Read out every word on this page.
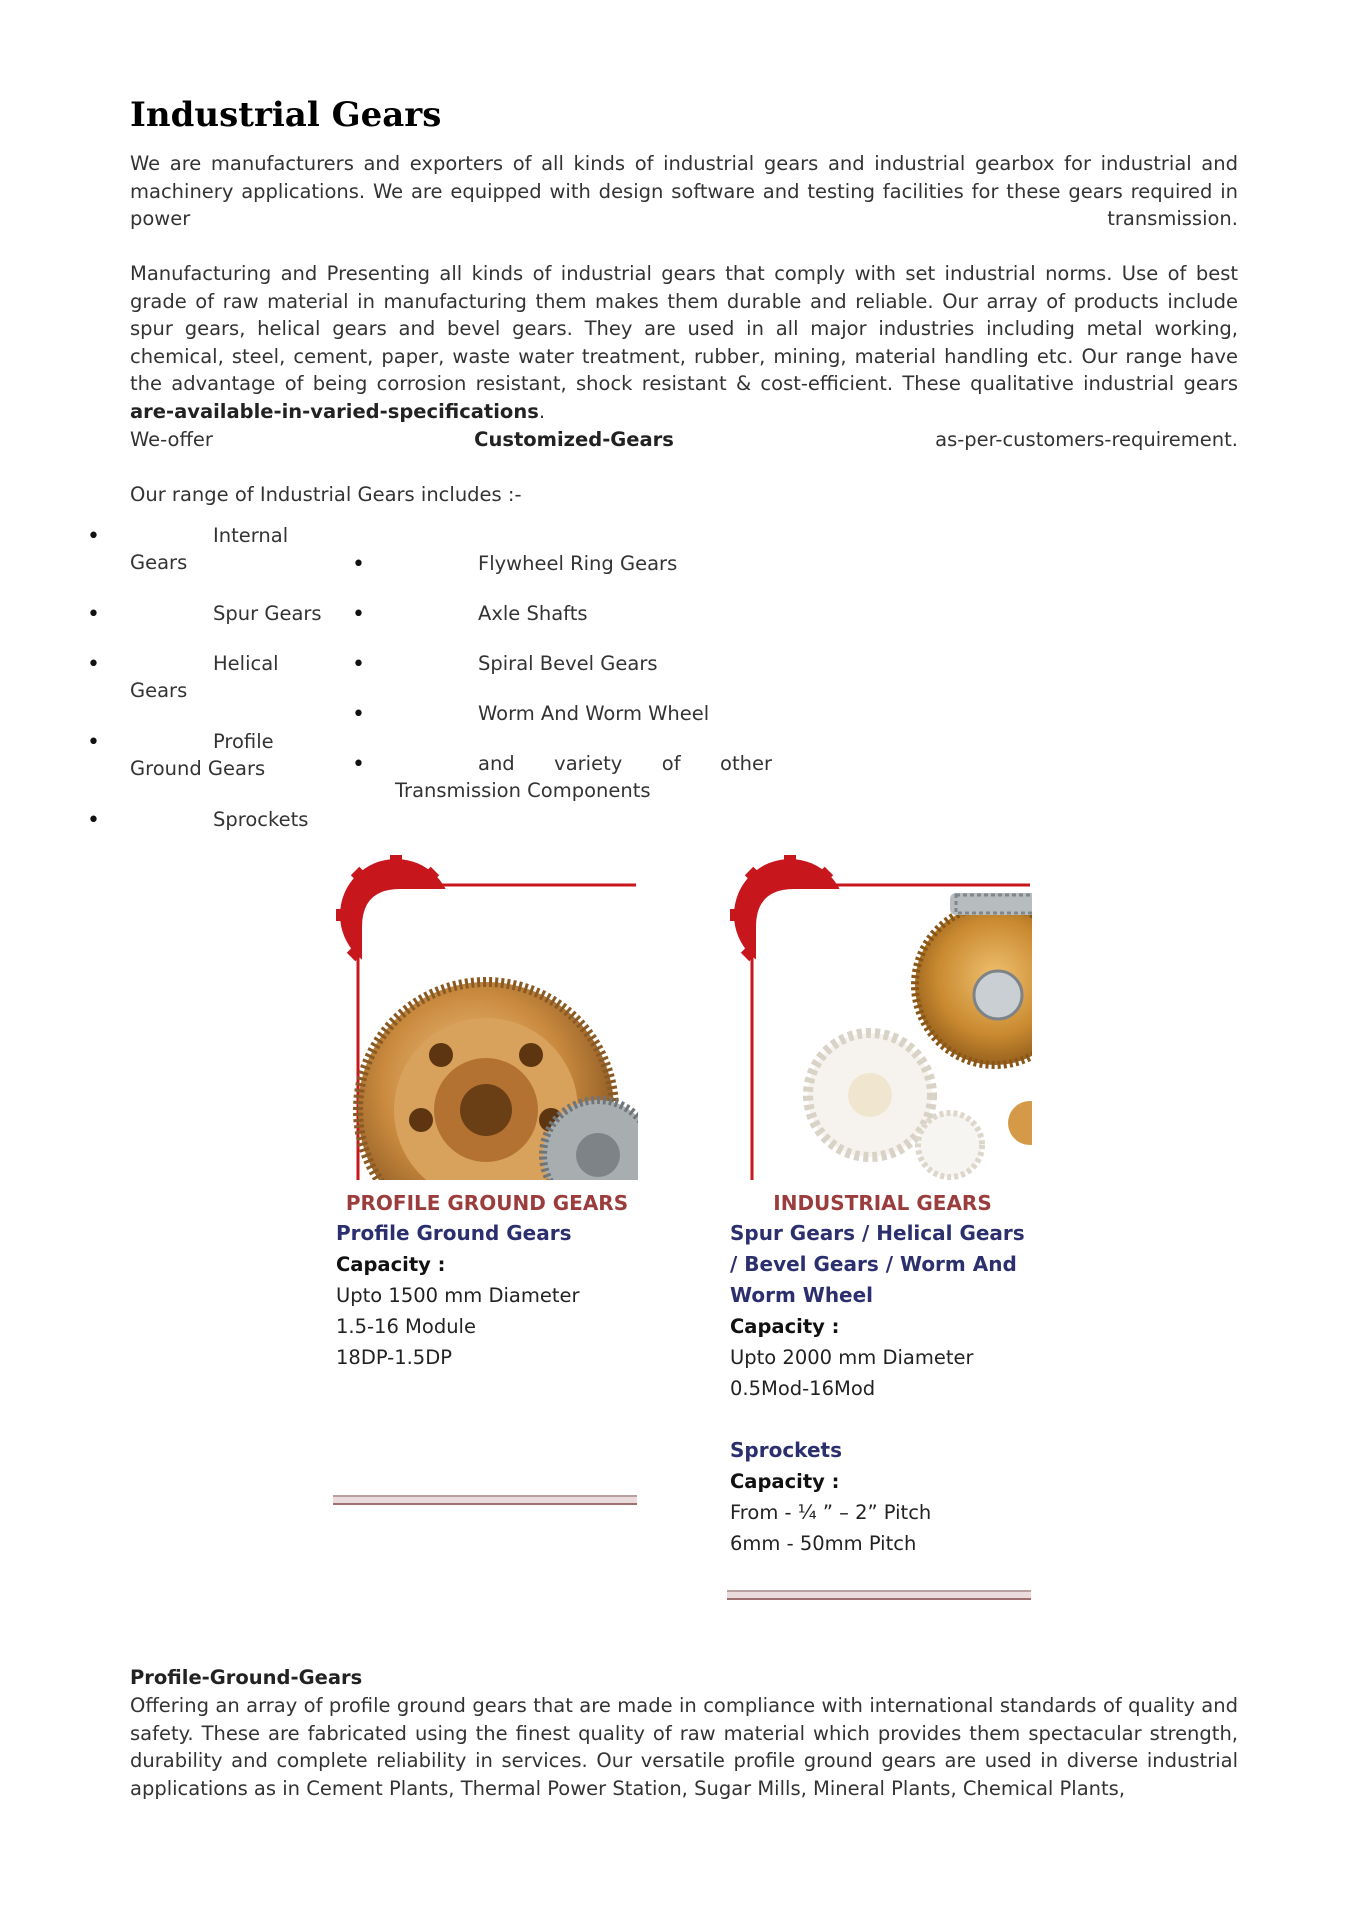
Industrial Gears
We are manufacturers and exporters of all kinds of industrial gears and industrial gearbox for industrial and
machinery applications. We are equipped with design software and testing facilities for these gears required in
power	transmission.
Manufacturing and Presenting all kinds of industrial gears that comply with set industrial norms. Use of best grade of raw material in manufacturing them makes them durable and reliable. Our array of products include spur gears, helical gears and bevel gears. They are used in all major industries including metal working, chemical, steel, cement, paper, waste water treatment, rubber, mining, material handling etc. Our range have the advantage of being corrosion resistant, shock resistant & cost-efficient. These qualitative industrial gears are-available-in-varied-specifications.
We-offer	Customized-Gears	as-per-customers-requirement.
Our range of Industrial Gears includes :-
•	Internal
Gears
•	Spur Gears
•	Helical
Gears
•	Profile
Ground Gears
•	Sprockets
•	Flywheel Ring Gears
•	Axle Shafts
•	Spiral Bevel Gears
•	Worm And Worm Wheel
•	and variety of other
Transmission Components
PROFILE GROUND GEARS
Profile Ground Gears
Capacity :
Upto 1500 mm Diameter
1.5-16 Module
18DP-1.5DP
INDUSTRIAL GEARS
Spur Gears / Helical Gears
/ Bevel Gears / Worm And
Worm Wheel
Capacity :
Upto 2000 mm Diameter
0.5Mod-16Mod
Sprockets
Capacity :
From - ¼ ” – 2” Pitch
6mm - 50mm Pitch
Profile-Ground-Gears
Offering an array of profile ground gears that are made in compliance with international standards of quality and safety. These are fabricated using the finest quality of raw material which provides them spectacular strength, durability and complete reliability in services. Our versatile profile ground gears are used in diverse industrial applications as in Cement Plants, Thermal Power Station, Sugar Mills, Mineral Plants, Chemical Plants,
